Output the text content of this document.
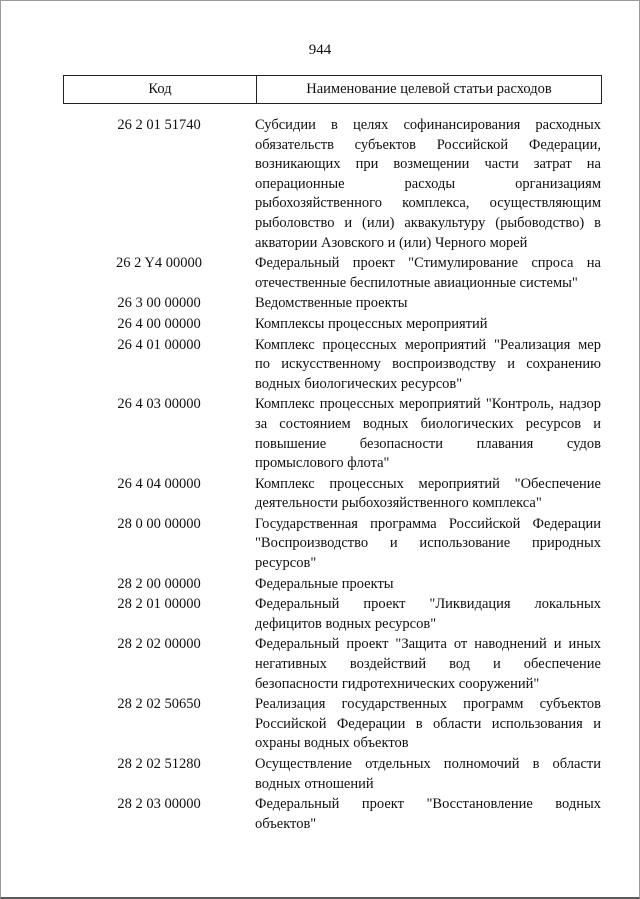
944
Код	Наименование целевой статьи расходов
26 2 01 51740	Субсидии в целях софинансирования расходных обязательств субъектов Российской Федерации, возникающих при возмещении части затрат на операционные расходы организациям рыбохозяйственного комплекса, осуществляющим рыболовство и (или) аквакультуру (рыбоводство) в акватории Азовского и (или) Черного морей
26 2 Y4 00000	Федеральный проект "Стимулирование спроса на отечественные беспилотные авиационные системы"
26 3 00 00000	Ведомственные проекты
26 4 00 00000	Комплексы процессных мероприятий
26 4 01 00000	Комплекс процессных мероприятий "Реализация мер по искусственному воспроизводству и сохранению водных биологических ресурсов"
26 4 03 00000	Комплекс процессных мероприятий "Контроль, надзор за состоянием водных биологических ресурсов и повышение безопасности плавания судов промыслового флота"
26 4 04 00000	Комплекс процессных мероприятий "Обеспечение деятельности рыбохозяйственного комплекса"
28 0 00 00000	Государственная программа Российской Федерации "Воспроизводство и использование природных ресурсов"
28 2 00 00000	Федеральные проекты
28 2 01 00000	Федеральный проект "Ликвидация локальных дефицитов водных ресурсов"
28 2 02 00000	Федеральный проект "Защита от наводнений и иных негативных воздействий вод и обеспечение безопасности гидротехнических сооружений"
28 2 02 50650	Реализация государственных программ субъектов Российской Федерации в области использования и охраны водных объектов
28 2 02 51280	Осуществление отдельных полномочий в области водных отношений
28 2 03 00000	Федеральный проект "Восстановление водных объектов"
